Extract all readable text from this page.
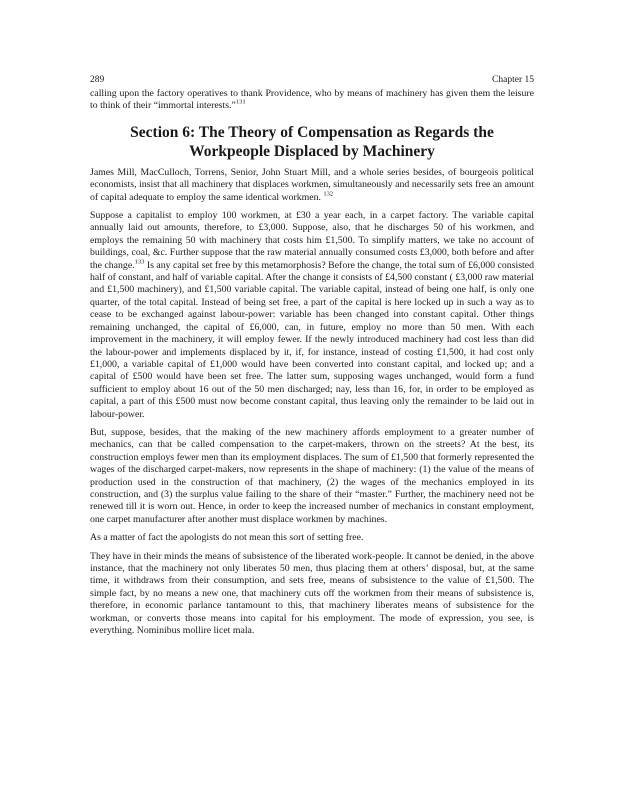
289	Chapter 15

calling upon the factory operatives to thank Providence, who by means of machinery has given them the leisure to think of their “immortal interests.”$^{131}$

Section 6: The Theory of Compensation as Regards the
Workpeople Displaced by Machinery

James Mill, MacCulloch, Torrens, Senior, John Stuart Mill, and a whole series besides, of bourgeois political economists, insist that all machinery that displaces workmen, simultaneously and necessarily sets free an amount of capital adequate to employ the same identical workmen. $^{132}$

Suppose a capitalist to employ 100 workmen, at £30 a year each, in a carpet factory. The variable capital annually laid out amounts, therefore, to £3,000. Suppose, also, that he discharges 50 of his workmen, and employs the remaining 50 with machinery that costs him £1,500. To simplify matters, we take no account of buildings, coal, &c. Further suppose that the raw material annually consumed costs £3,000, both before and after the change.$^{133}$ Is any capital set free by this metamorphosis? Before the change, the total sum of £6,000 consisted half of constant, and half of variable capital. After the change it consists of £4,500 constant ( £3,000 raw material and £1,500 machinery), and £1,500 variable capital. The variable capital, instead of being one half, is only one quarter, of the total capital. Instead of being set free, a part of the capital is here locked up in such a way as to cease to be exchanged against labour-power: variable has been changed into constant capital. Other things remaining unchanged, the capital of £6,000, can, in future, employ no more than 50 men. With each improvement in the machinery, it will employ fewer. If the newly introduced machinery had cost less than did the labour-power and implements displaced by it, if, for instance, instead of costing £1,500, it had cost only £1,000, a variable capital of £1,000 would have been converted into constant capital, and locked up; and a capital of £500 would have been set free. The latter sum, supposing wages unchanged, would form a fund sufficient to employ about 16 out of the 50 men discharged; nay, less than 16, for, in order to be employed as capital, a part of this £500 must now become constant capital, thus leaving only the remainder to be laid out in labour-power.

But, suppose, besides, that the making of the new machinery affords employment to a greater number of mechanics, can that be called compensation to the carpet-makers, thrown on the streets? At the best, its construction employs fewer men than its employment displaces. The sum of £1,500 that formerly represented the wages of the discharged carpet-makers, now represents in the shape of machinery: (1) the value of the means of production used in the construction of that machinery, (2) the wages of the mechanics employed in its construction, and (3) the surplus value failing to the share of their “master.” Further, the machinery need not be renewed till it is worn out. Hence, in order to keep the increased number of mechanics in constant employment, one carpet manufacturer after another must displace workmen by machines.

As a matter of fact the apologists do not mean this sort of setting free.

They have in their minds the means of subsistence of the liberated work-people. It cannot be denied, in the above instance, that the machinery not only liberates 50 men, thus placing them at others’ disposal, but, at the same time, it withdraws from their consumption, and sets free, means of subsistence to the value of £1,500. The simple fact, by no means a new one, that machinery cuts off the workmen from their means of subsistence is, therefore, in economic parlance tantamount to this, that machinery liberates means of subsistence for the workman, or converts those means into capital for his employment. The mode of expression, you see, is everything. Nominibus mollire licet mala.
